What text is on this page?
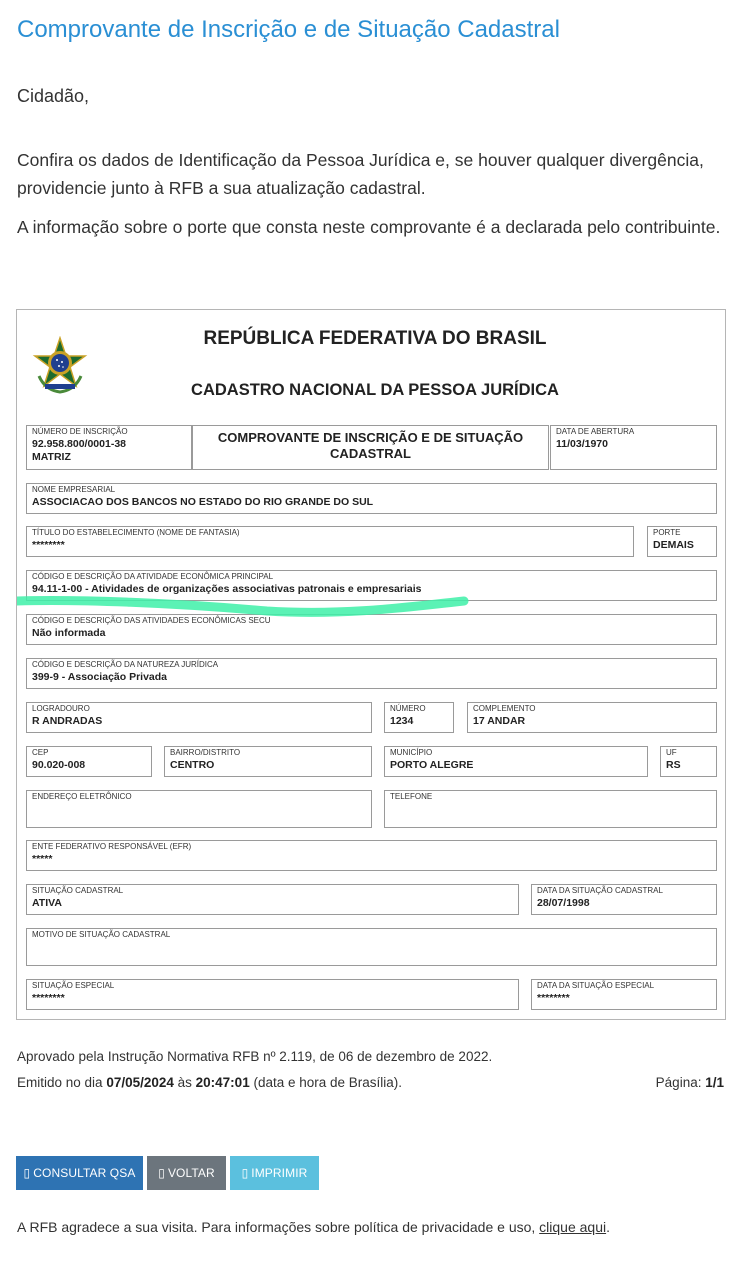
Comprovante de Inscrição e de Situação Cadastral
Cidadão,
Confira os dados de Identificação da Pessoa Jurídica e, se houver qualquer divergência, providencie junto à RFB a sua atualização cadastral.
A informação sobre o porte que consta neste comprovante é a declarada pelo contribuinte.
REPÚBLICA FEDERATIVA DO BRASIL
CADASTRO NACIONAL DA PESSOA JURÍDICA
NÚMERO DE INSCRIÇÃO
92.958.800/0001-38
MATRIZ
COMPROVANTE DE INSCRIÇÃO E DE SITUAÇÃO CADASTRAL
DATA DE ABERTURA
11/03/1970
NOME EMPRESARIAL
ASSOCIACAO DOS BANCOS NO ESTADO DO RIO GRANDE DO SUL
TÍTULO DO ESTABELECIMENTO (NOME DE FANTASIA)
********
PORTE
DEMAIS
CÓDIGO E DESCRIÇÃO DA ATIVIDADE ECONÔMICA PRINCIPAL
94.11-1-00 - Atividades de organizações associativas patronais e empresariais
CÓDIGO E DESCRIÇÃO DAS ATIVIDADES ECONÔMICAS SECU
Não informada
CÓDIGO E DESCRIÇÃO DA NATUREZA JURÍDICA
399-9 - Associação Privada
LOGRADOURO
R ANDRADAS
NÚMERO
1234
COMPLEMENTO
17 ANDAR
CEP
90.020-008
BAIRRO/DISTRITO
CENTRO
MUNICÍPIO
PORTO ALEGRE
UF
RS
ENDEREÇO ELETRÔNICO	TELEFONE
ENTE FEDERATIVO RESPONSÁVEL (EFR)
*****
SITUAÇÃO CADASTRAL
ATIVA
DATA DA SITUAÇÃO CADASTRAL
28/07/1998
MOTIVO DE SITUAÇÃO CADASTRAL
SITUAÇÃO ESPECIAL
********
DATA DA SITUAÇÃO ESPECIAL
********
Aprovado pela Instrução Normativa RFB nº 2.119, de 06 de dezembro de 2022.
Emitido no dia 07/05/2024 às 20:47:01 (data e hora de Brasília).	Página: 1/1
▯ CONSULTAR QSA ▯ VOLTAR ▯ IMPRIMIR
A RFB agradece a sua visita. Para informações sobre política de privacidade e uso, clique aqui.
